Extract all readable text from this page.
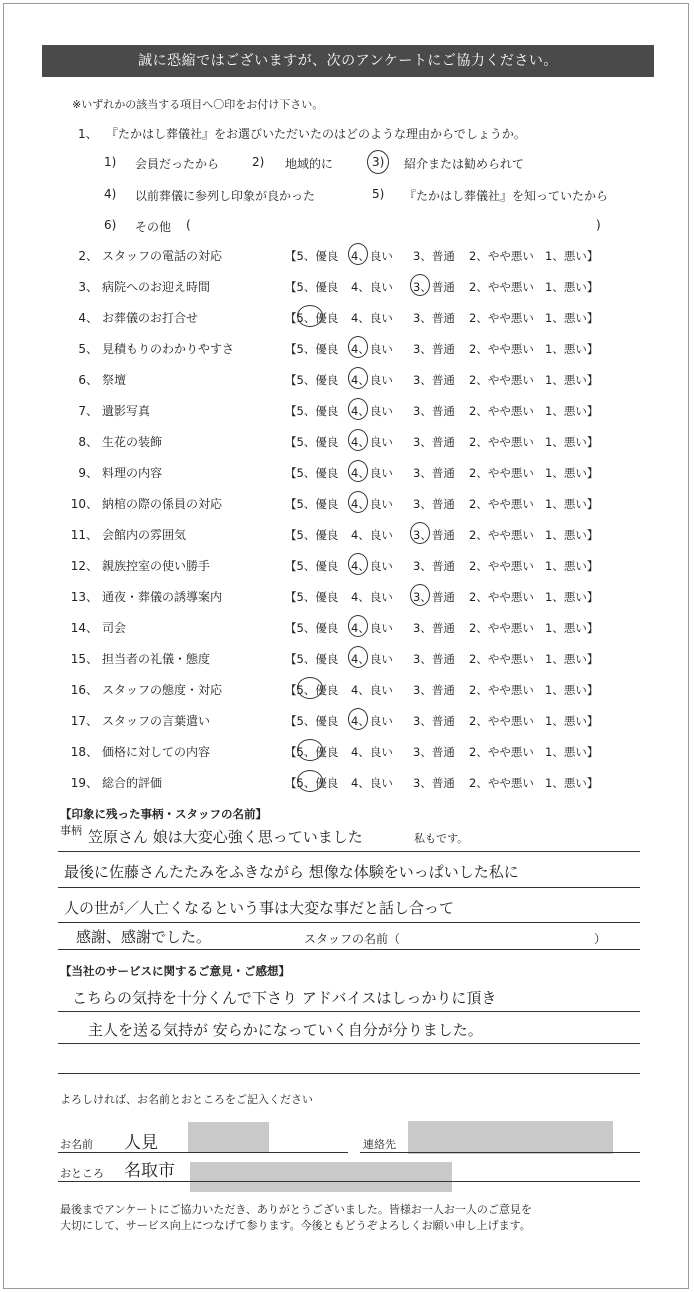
誠に恐縮ではございますが、次のアンケートにご協力ください。
※いずれかの該当する項目へ〇印をお付け下さい。
1、 『たかはし葬儀社』をお選びいただいたのはどのような理由からでしょうか。
1) 会員だったから	2) 地域的に	3) 紹介または勧められて
4) 以前葬儀に参列し印象が良かった	5) 『たかはし葬儀社』を知っていたから
6) その他 (	)
2、 スタッフの電話の対応	【5、優良 4、良い 3、普通 2、やや悪い 1、悪い】
3、 病院へのお迎え時間	【5、優良 4、良い 3、普通 2、やや悪い 1、悪い】
4、 お葬儀のお打合せ	【5、優良 4、良い 3、普通 2、やや悪い 1、悪い】
5、 見積もりのわかりやすさ	【5、優良 4、良い 3、普通 2、やや悪い 1、悪い】
6、 祭壇	【5、優良 4、良い 3、普通 2、やや悪い 1、悪い】
7、 遺影写真	【5、優良 4、良い 3、普通 2、やや悪い 1、悪い】
8、 生花の装飾	【5、優良 4、良い 3、普通 2、やや悪い 1、悪い】
9、 料理の内容	【5、優良 4、良い 3、普通 2、やや悪い 1、悪い】
10、 納棺の際の係員の対応	【5、優良 4、良い 3、普通 2、やや悪い 1、悪い】
11、 会館内の雰囲気	【5、優良 4、良い 3、普通 2、やや悪い 1、悪い】
12、 親族控室の使い勝手	【5、優良 4、良い 3、普通 2、やや悪い 1、悪い】
13、 通夜・葬儀の誘導案内	【5、優良 4、良い 3、普通 2、やや悪い 1、悪い】
14、 司会	【5、優良 4、良い 3、普通 2、やや悪い 1、悪い】
15、 担当者の礼儀・態度	【5、優良 4、良い 3、普通 2、やや悪い 1、悪い】
16、 スタッフの態度・対応	【5、優良 4、良い 3、普通 2、やや悪い 1、悪い】
17、 スタッフの言葉遣い	【5、優良 4、良い 3、普通 2、やや悪い 1、悪い】
18、 価格に対しての内容	【5、優良 4、良い 3、普通 2、やや悪い 1、悪い】
19、 総合的評価	【5、優良 4、良い 3、普通 2、やや悪い 1、悪い】
【印象に残った事柄・スタッフの名前】
事柄 笠原さん 娘は大変心強く思っていました	私もです。
最後に佐藤さんたたみをふきながら 想像な体験をいっぱいした私に
人の世が／人亡くなるという事は大変な事だと話し合って
感謝、感謝でした。	スタッフの名前（	）
【当社のサービスに関するご意見・ご感想】
こちらの気持を十分くんで下さり アドバイスはしっかりに頂き
主人を送る気持が 安らかになっていく自分が分りました。
よろしければ、お名前とおところをご記入ください
お名前 人見	連絡先
おところ 名取市
最後までアンケートにご協力いただき、ありがとうございました。皆様お一人お一人のご意見を
大切にして、サービス向上につなげて参ります。今後ともどうぞよろしくお願い申し上げます。
